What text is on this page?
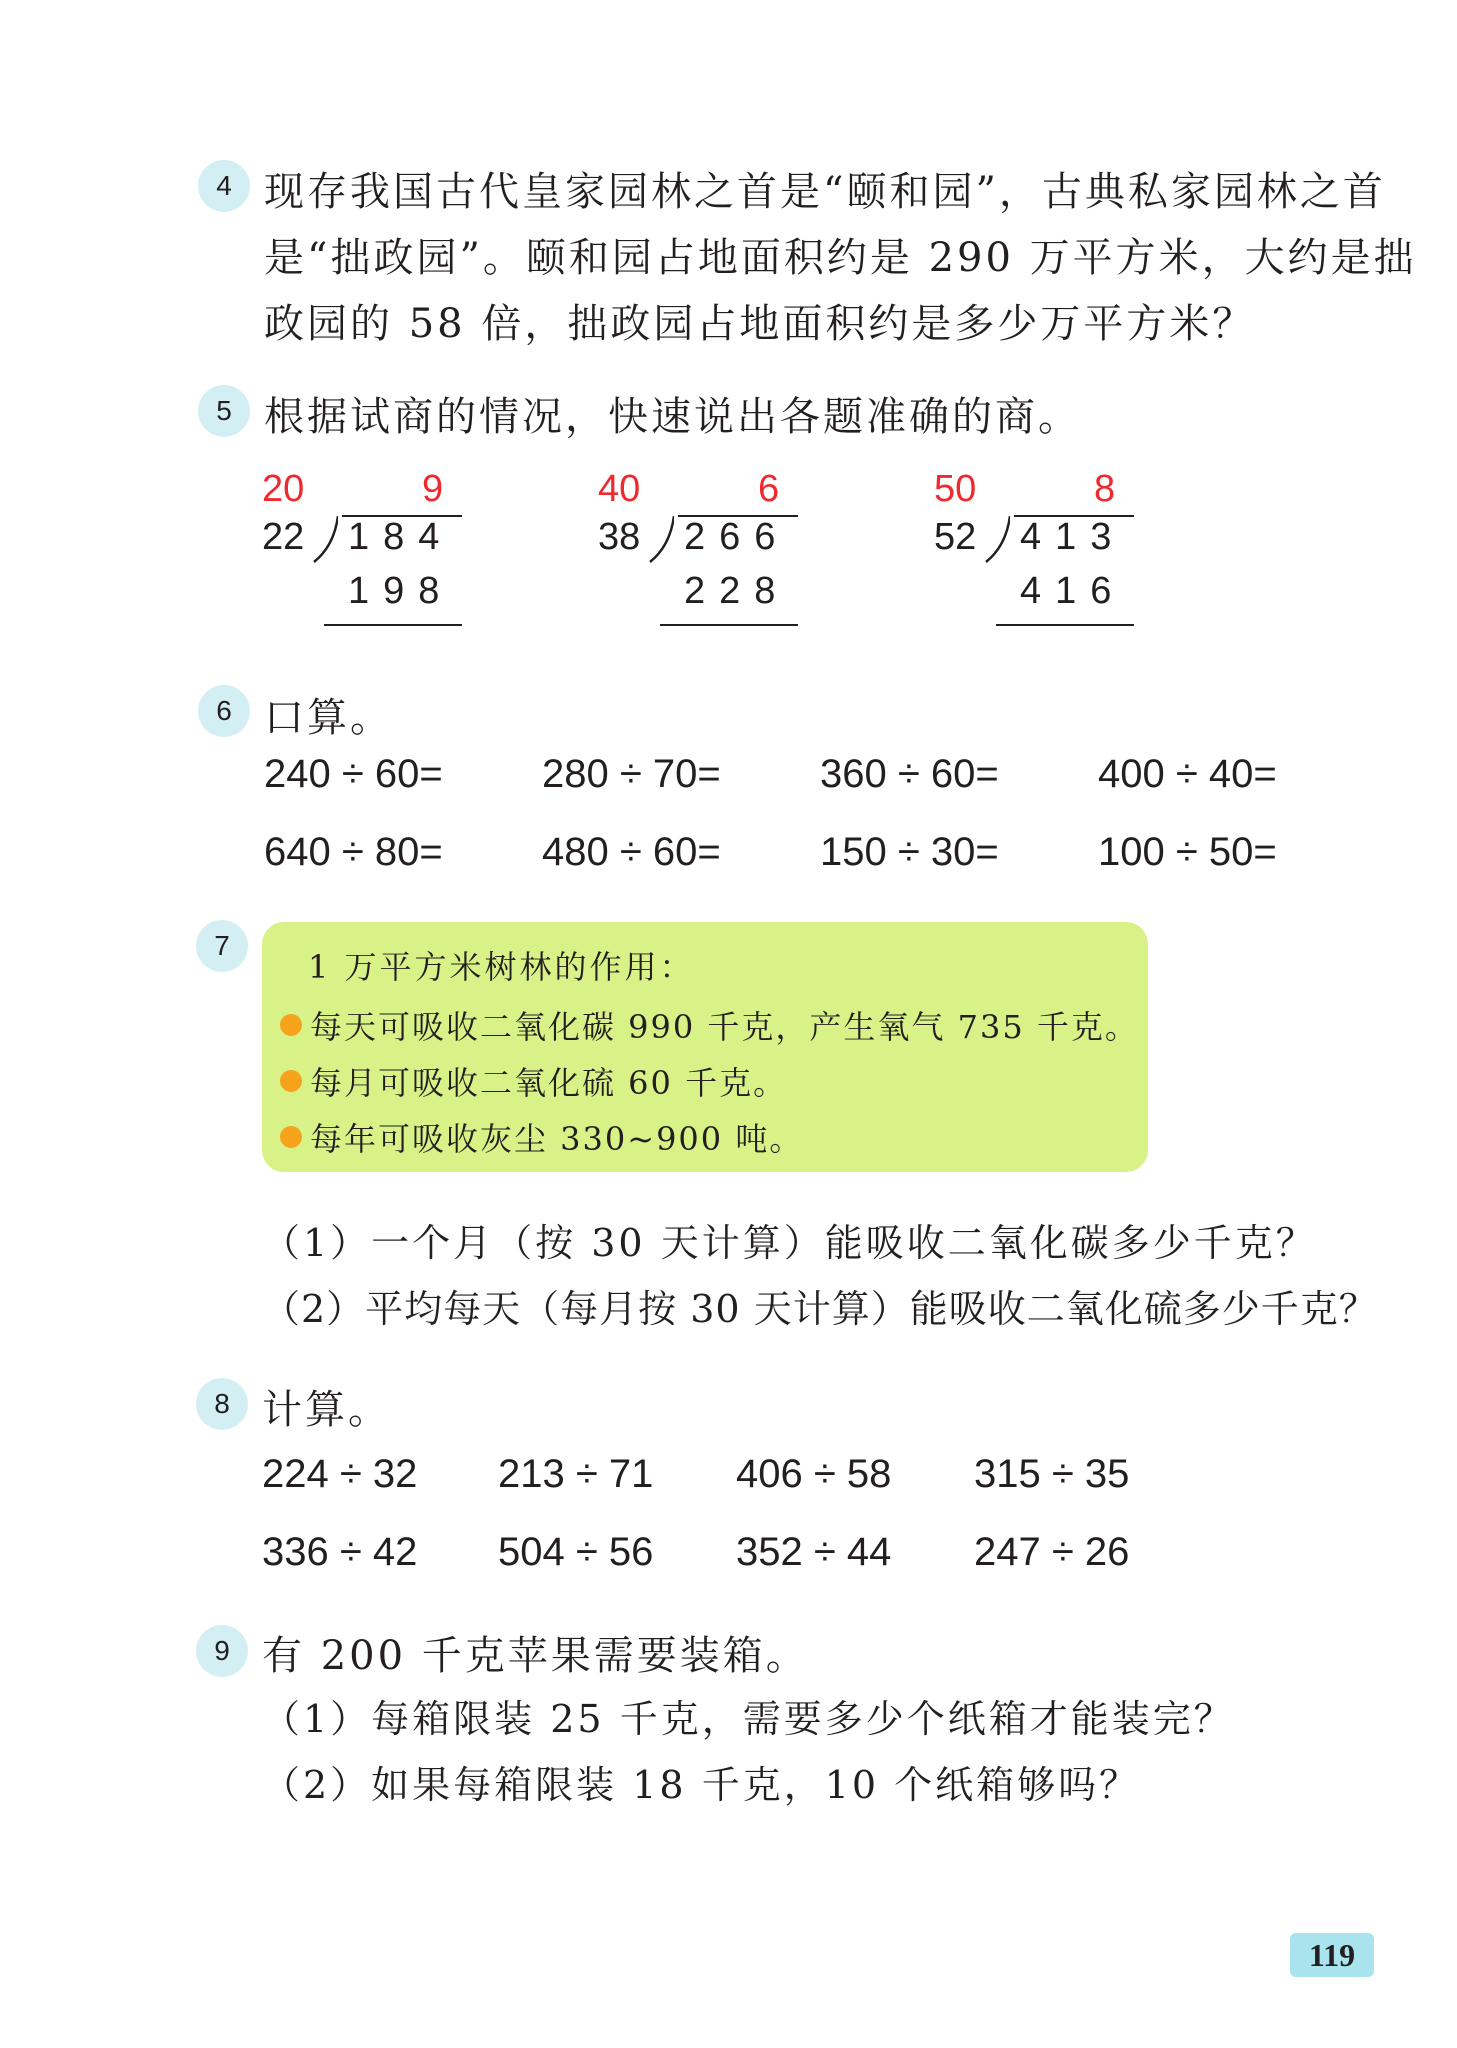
4 现存我国古代皇家园林之首是“颐和园”，古典私家园林之首
是“拙政园”。颐和园占地面积约是 290 万平方米，大约是拙
政园的 58 倍，拙政园占地面积约是多少万平方米？
5 根据试商的情况，快速说出各题准确的商。
20	9
22 184
198
40	6
38 266
228
50	8
52 413
416
6 口算。
240 ÷ 60= 280 ÷ 70= 360 ÷ 60= 400 ÷ 40=
640 ÷ 80= 480 ÷ 60= 150 ÷ 30= 100 ÷ 50=
7
1 万平方米树林的作用：
每天可吸收二氧化碳 990 千克，产生氧气 735 千克。
每月可吸收二氧化硫 60 千克。
每年可吸收灰尘 330~900 吨。
（1）一个月（按 30 天计算）能吸收二氧化碳多少千克？
（2）平均每天（每月按 30 天计算）能吸收二氧化硫多少千克？
8 计算。
224 ÷ 32 213 ÷ 71 406 ÷ 58 315 ÷ 35
336 ÷ 42 504 ÷ 56 352 ÷ 44 247 ÷ 26
9 有 200 千克苹果需要装箱。
（1）每箱限装 25 千克，需要多少个纸箱才能装完？
（2）如果每箱限装 18 千克，10 个纸箱够吗？
119
